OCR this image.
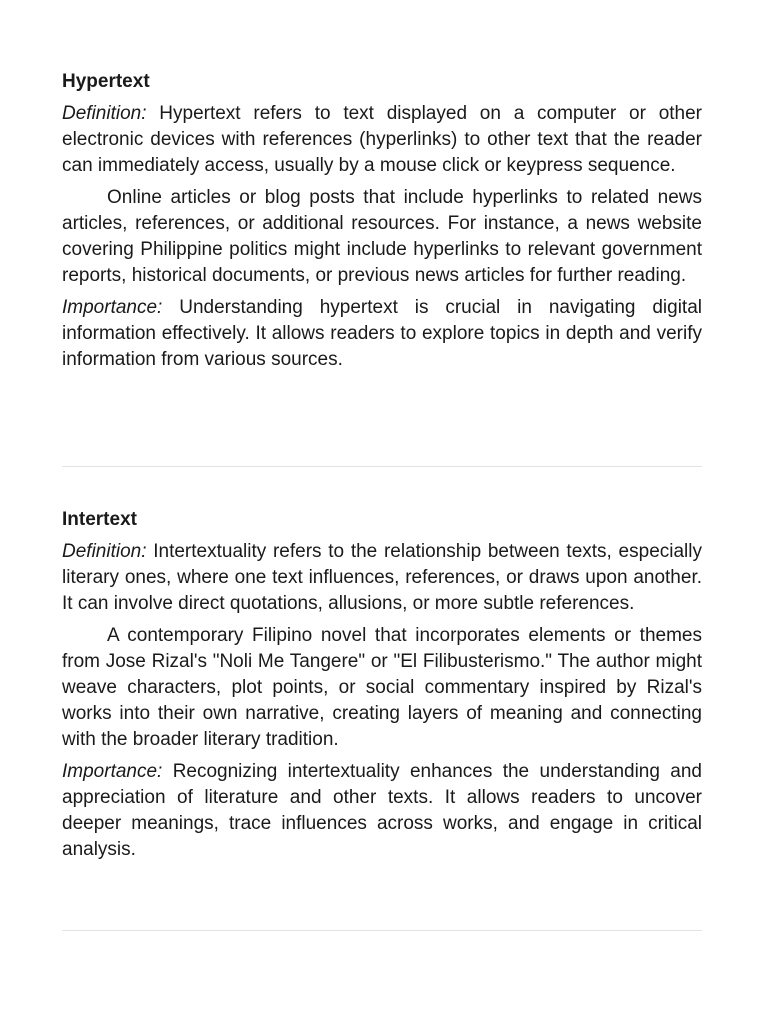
Hypertext

Definition: Hypertext refers to text displayed on a computer or other electronic devices with references (hyperlinks) to other text that the reader can immediately access, usually by a mouse click or keypress sequence.

Online articles or blog posts that include hyperlinks to related news articles, references, or additional resources. For instance, a news website covering Philippine politics might include hyperlinks to relevant government reports, historical documents, or previous news articles for further reading.

Importance: Understanding hypertext is crucial in navigating digital information effectively. It allows readers to explore topics in depth and verify information from various sources.

Intertext

Definition: Intertextuality refers to the relationship between texts, especially literary ones, where one text influences, references, or draws upon another. It can involve direct quotations, allusions, or more subtle references.

A contemporary Filipino novel that incorporates elements or themes from Jose Rizal's "Noli Me Tangere" or "El Filibusterismo." The author might weave characters, plot points, or social commentary inspired by Rizal's works into their own narrative, creating layers of meaning and connecting with the broader literary tradition.

Importance: Recognizing intertextuality enhances the understanding and appreciation of literature and other texts. It allows readers to uncover deeper meanings, trace influences across works, and engage in critical analysis.
